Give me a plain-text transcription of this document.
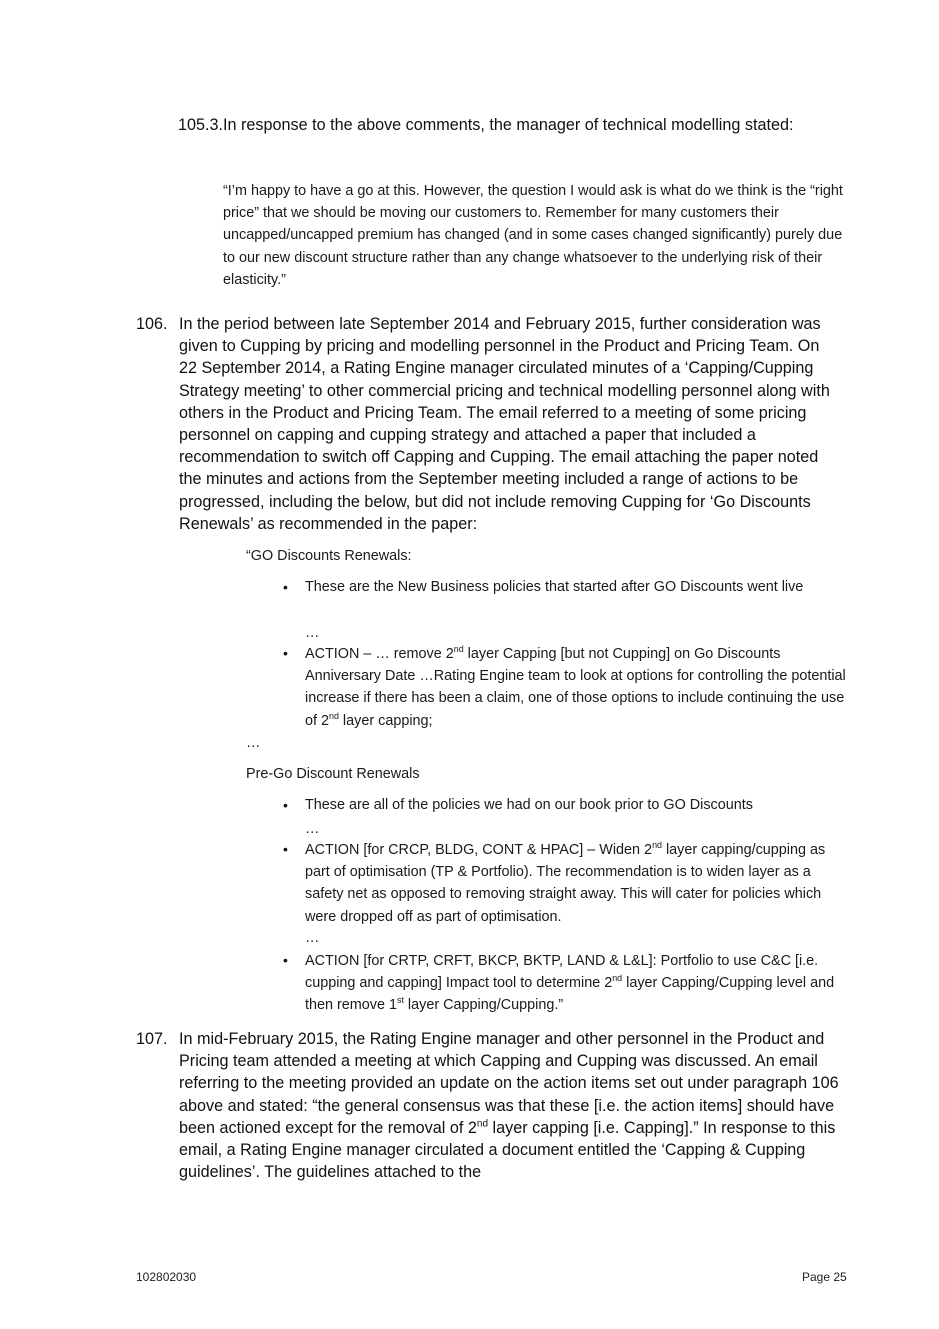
105.3. In response to the above comments, the manager of technical modelling stated:
“I’m happy to have a go at this. However, the question I would ask is what do we think is the “right price” that we should be moving our customers to. Remember for many customers their uncapped/uncapped premium has changed (and in some cases changed significantly) purely due to our new discount structure rather than any change whatsoever to the underlying risk of their elasticity.”
106. In the period between late September 2014 and February 2015, further consideration was given to Cupping by pricing and modelling personnel in the Product and Pricing Team. On 22 September 2014, a Rating Engine manager circulated minutes of a ‘Capping/Cupping Strategy meeting’ to other commercial pricing and technical modelling personnel along with others in the Product and Pricing Team. The email referred to a meeting of some pricing personnel on capping and cupping strategy and attached a paper that included a recommendation to switch off Capping and Cupping. The email attaching the paper noted the minutes and actions from the September meeting included a range of actions to be progressed, including the below, but did not include removing Cupping for ‘Go Discounts Renewals’ as recommended in the paper:
“GO Discounts Renewals:
• These are the New Business policies that started after GO Discounts went live
…
• ACTION – … remove 2nd layer Capping [but not Cupping] on Go Discounts Anniversary Date …Rating Engine team to look at options for controlling the potential increase if there has been a claim, one of those options to include continuing the use of 2nd layer capping;
…
Pre-Go Discount Renewals
• These are all of the policies we had on our book prior to GO Discounts
…
• ACTION [for CRCP, BLDG, CONT & HPAC] – Widen 2nd layer capping/cupping as part of optimisation (TP & Portfolio). The recommendation is to widen layer as a safety net as opposed to removing straight away. This will cater for policies which were dropped off as part of optimisation.
…
• ACTION [for CRTP, CRFT, BKCP, BKTP, LAND & L&L]: Portfolio to use C&C [i.e. cupping and capping] Impact tool to determine 2nd layer Capping/Cupping level and then remove 1st layer Capping/Cupping.”
107. In mid-February 2015, the Rating Engine manager and other personnel in the Product and Pricing team attended a meeting at which Capping and Cupping was discussed. An email referring to the meeting provided an update on the action items set out under paragraph 106 above and stated: “the general consensus was that these [i.e. the action items] should have been actioned except for the removal of 2nd layer capping [i.e. Capping].” In response to this email, a Rating Engine manager circulated a document entitled the ‘Capping & Cupping guidelines’. The guidelines attached to the
102802030	Page 25
